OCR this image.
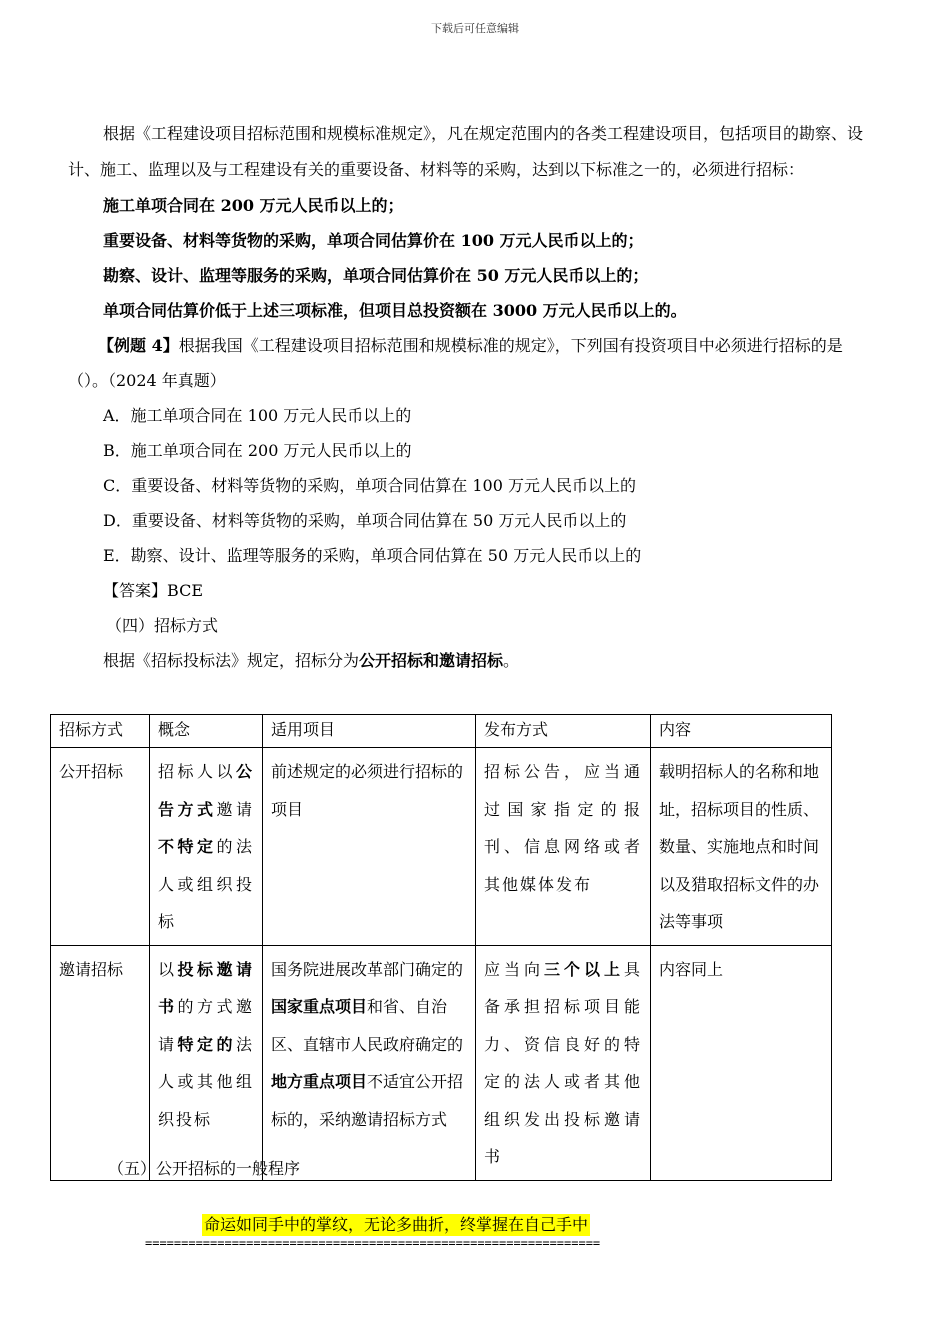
下载后可任意编辑

根据《工程建设项目招标范围和规模标准规定》，凡在规定范围内的各类工程建设项目，包括项目的勘察、设计、施工、监理以及与工程建设有关的重要设备、材料等的采购，达到以下标准之一的，必须进行招标：

施工单项合同在 200 万元人民币以上的；

重要设备、材料等货物的采购，单项合同估算价在 100 万元人民币以上的；

勘察、设计、监理等服务的采购，单项合同估算价在 50 万元人民币以上的；

单项合同估算价低于上述三项标准，但项目总投资额在 3000 万元人民币以上的。

【例题 4】根据我国《工程建设项目招标范围和规模标准的规定》，下列国有投资项目中必须进行招标的是（）。（2024 年真题）

A．施工单项合同在 100 万元人民币以上的

B．施工单项合同在 200 万元人民币以上的

C．重要设备、材料等货物的采购，单项合同估算在 100 万元人民币以上的

D．重要设备、材料等货物的采购，单项合同估算在 50 万元人民币以上的

E．勘察、设计、监理等服务的采购，单项合同估算在 50 万元人民币以上的

【答案】BCE

（四）招标方式

根据《招标投标法》规定，招标分为公开招标和邀请招标。

招标方式	概念	适用项目	发布方式	内容
公开招标	招标人以公告方式邀请不特定的法人或组织投标	前述规定的必须进行招标的项目	招标公告，应当通过国家指定的报刊、信息网络或者其他媒体发布	载明招标人的名称和地址，招标项目的性质、数量、实施地点和时间以及猎取招标文件的办法等事项
邀请招标	以投标邀请书的方式邀请特定的法人或其他组织投标	国务院进展改革部门确定的国家重点项目和省、自治区、直辖市人民政府确定的地方重点项目不适宜公开招标的，采纳邀请招标方式	应当向三个以上具备承担招标项目能力、资信良好的特定的法人或者其他组织发出投标邀请书	内容同上
（五）公开招标的一般程序
命运如同手中的掌纹，无论多曲折，终掌握在自己手中
===============================================================
